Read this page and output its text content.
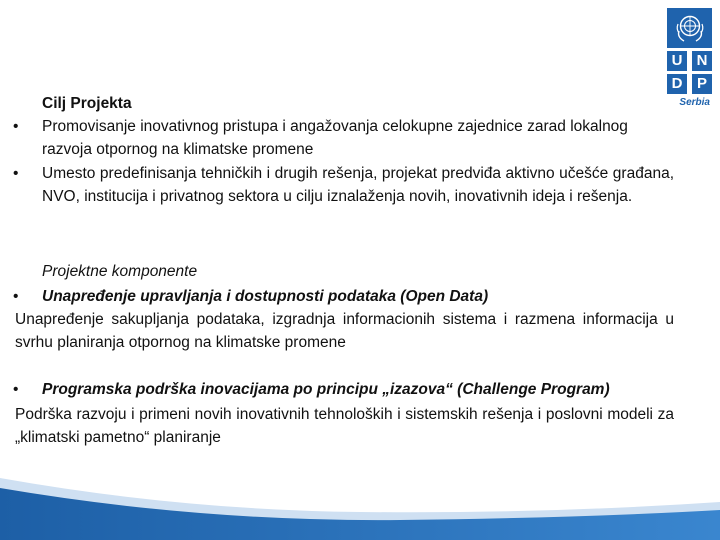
U N
D P
Serbia
Cilj Projekta
• Promovisanje inovativnog pristupa i angažovanja celokupne zajednice zarad lokalnog razvoja otpornog na klimatske promene
• Umesto predefinisanja tehničkih i drugih rešenja, projekat predviđa aktivno učešće građana, NVO, institucija i privatnog sektora u cilju iznalaženja novih, inovativnih ideja i rešenja.
Projektne komponente
• Unapređenje upravljanja i dostupnosti podataka (Open Data)
Unapređenje sakupljanja podataka, izgradnja informacionih sistema i razmena informacija u svrhu planiranja otpornog na klimatske promene
• Programska podrška inovacijama po principu „izazova“ (Challenge Program)
Podrška razvoju i primeni novih inovativnih tehnoloških i sistemskih rešenja i poslovni modeli za „klimatski pametno“ planiranje
